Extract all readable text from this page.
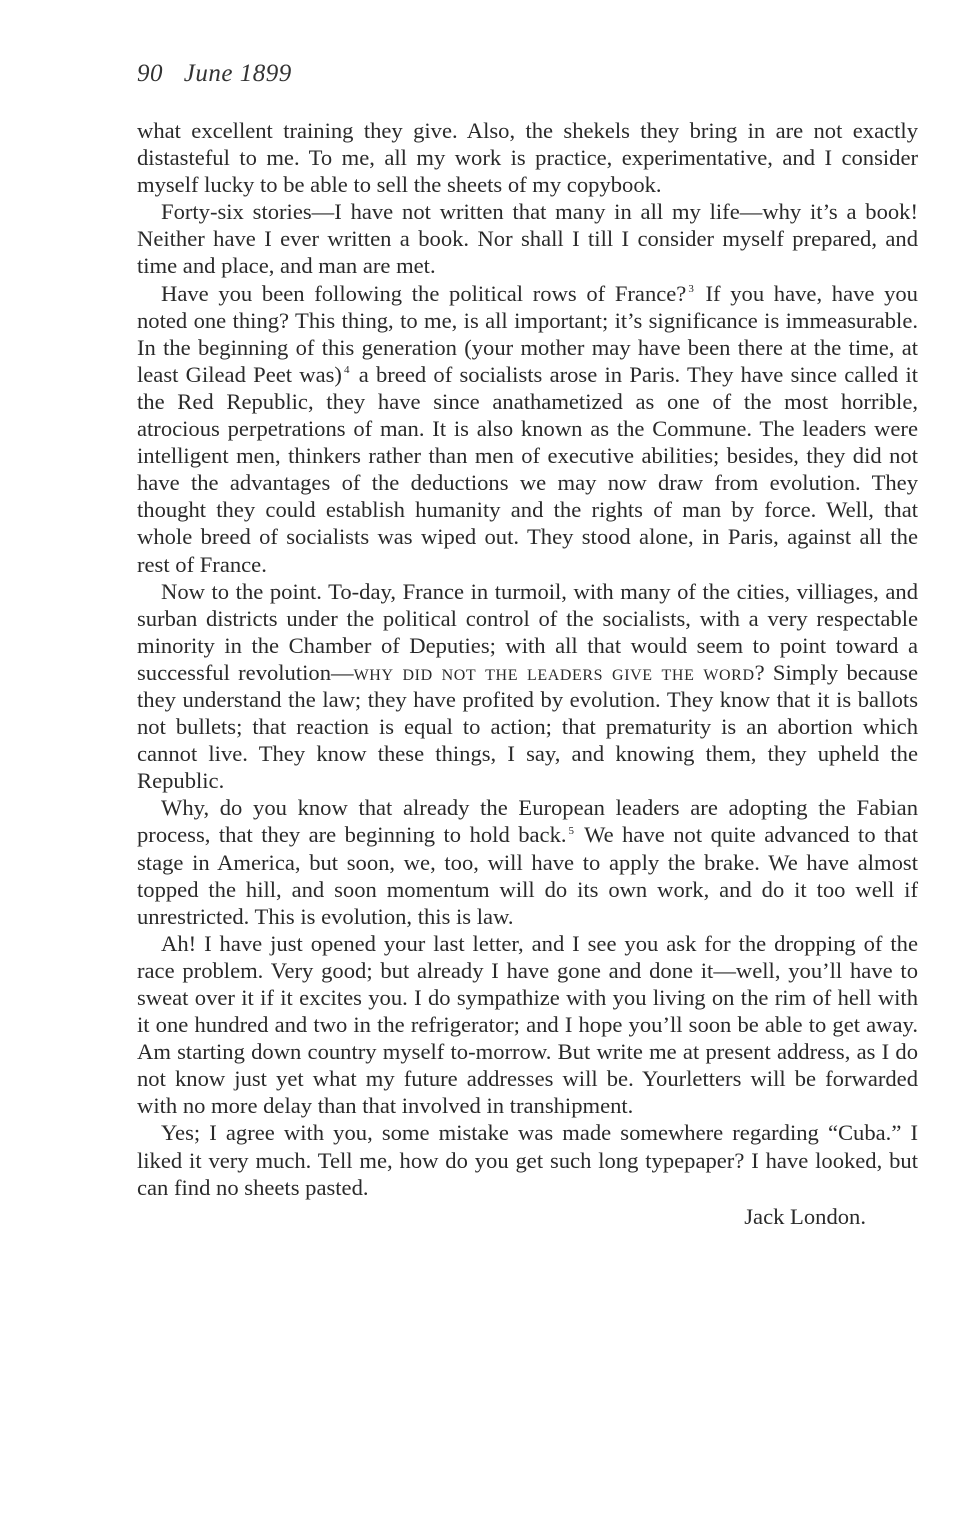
90 June 1899

what excellent training they give. Also, the shekels they bring in are not exactly distasteful to me. To me, all my work is practice, experimentative, and I consider myself lucky to be able to sell the sheets of my copybook.

Forty-six stories—I have not written that many in all my life—why it’s a book! Neither have I ever written a book. Nor shall I till I consider myself prepared, and time and place, and man are met.

Have you been following the political rows of France? $^3$ If you have, have you noted one thing? This thing, to me, is all important; it’s significance is immeasurable. In the beginning of this generation (your mother may have been there at the time, at least Gilead Peet was) $^4$ a breed of socialists arose in Paris. They have since called it the Red Republic, they have since anathametized as one of the most horrible, atrocious perpetrations of man. It is also known as the Commune. The leaders were intelligent men, thinkers rather than men of executive abilities; besides, they did not have the advantages of the deductions we may now draw from evolution. They thought they could establish humanity and the rights of man by force. Well, that whole breed of socialists was wiped out. They stood alone, in Paris, against all the rest of France.

Now to the point. To-day, France in turmoil, with many of the cities, villiages, and surban districts under the political control of the socialists, with a very respectable minority in the Chamber of Deputies; with all that would seem to point toward a successful revolution—why did not the leaders give the word? Simply because they understand the law; they have profited by evolution. They know that it is ballots not bullets; that reaction is equal to action; that prematurity is an abortion which cannot live. They know these things, I say, and knowing them, they upheld the Republic.

Why, do you know that already the European leaders are adopting the Fabian process, that they are beginning to hold back. $^5$ We have not quite advanced to that stage in America, but soon, we, too, will have to apply the brake. We have almost topped the hill, and soon momentum will do its own work, and do it too well if unrestricted. This is evolution, this is law.

Ah! I have just opened your last letter, and I see you ask for the dropping of the race problem. Very good; but already I have gone and done it—well, you’ll have to sweat over it if it excites you. I do sympathize with you living on the rim of hell with it one hundred and two in the refrigerator; and I hope you’ll soon be able to get away. Am starting down country myself to-morrow. But write me at present address, as I do not know just yet what my future addresses will be. Yourletters will be forwarded with no more delay than that involved in transhipment.

Yes; I agree with you, some mistake was made somewhere regarding “Cuba.” I liked it very much. Tell me, how do you get such long typepaper? I have looked, but can find no sheets pasted.

Jack London.
